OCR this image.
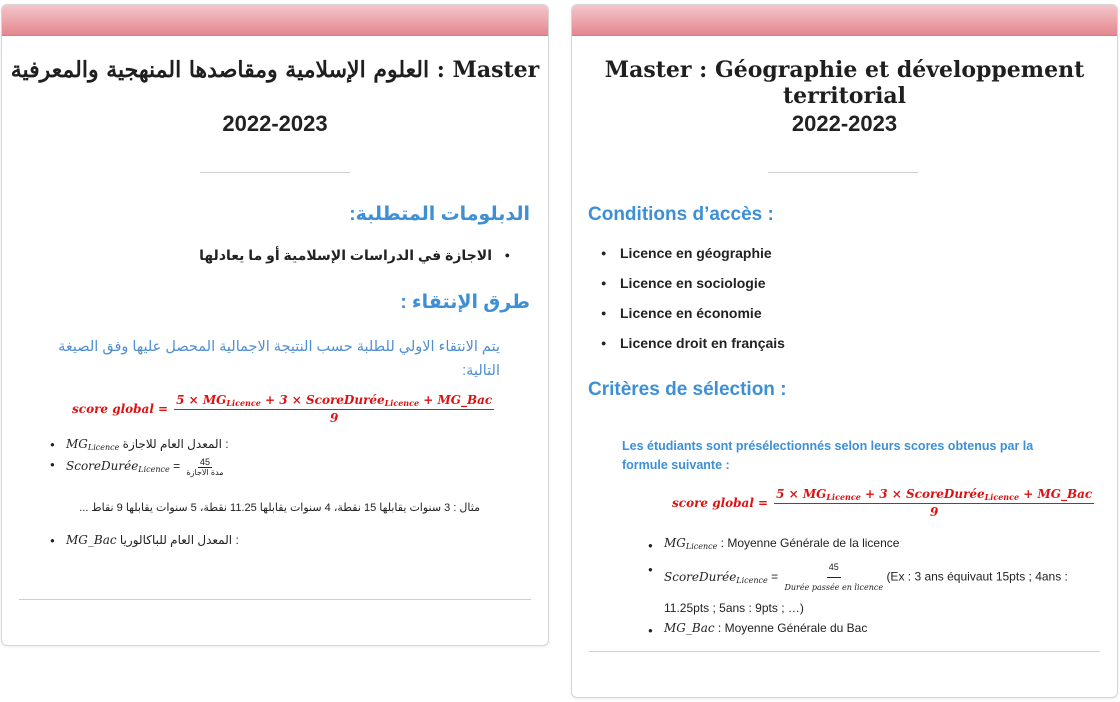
Master : العلوم الإسلامية ومقاصدها المنهجية والمعرفية
2022-2023
الدبلومات المتطلبة:
● الاجازة في الدراسات الإسلامية أو ما يعادلها
طرق الإنتقاء :
يتم الانتقاء الاولي للطلبة حسب النتيجة الاجمالية المحصل عليها وفق الصيغة التالية:
score global = $\frac{5 \times MG_{Licence} + 3 \times ScoreDurée_{Licence} + MG\_Bac}{9}$
● $MG_{Licence}$ المعدل العام للاجازة :
● ScoreDurée$_{Licence}$ = 45
مدة الاجازة
مثال : 3 سنوات يقابلها 15 نقطة، 4 سنوات يقابلها 11.25 نقطة، 5 سنوات يقابلها 9 نقاط ...
● MG_Bac المعدل العام للباكالوريا :
Master : Géographie et développement territorial
2022-2023
Conditions d’accès :
● Licence en géographie
● Licence en sociologie
● Licence en économie
● Licence droit en français
Critères de sélection :
Les étudiants sont présélectionnés selon leurs scores obtenus par la formule suivante :
score global = $\frac{5 \times MG_{Licence} + 3 \times ScoreDurée_{Licence} + MG\_Bac}{9}$
● $MG_{Licence}$ : Moyenne Générale de la licence
● ScoreDurée$_{Licence}$ =
45
Durée passée en licence
(Ex : 3 ans équivaut 15pts ; 4ans : 11.25pts ; 5ans : 9pts ; …)
● MG_Bac : Moyenne Générale du Bac
